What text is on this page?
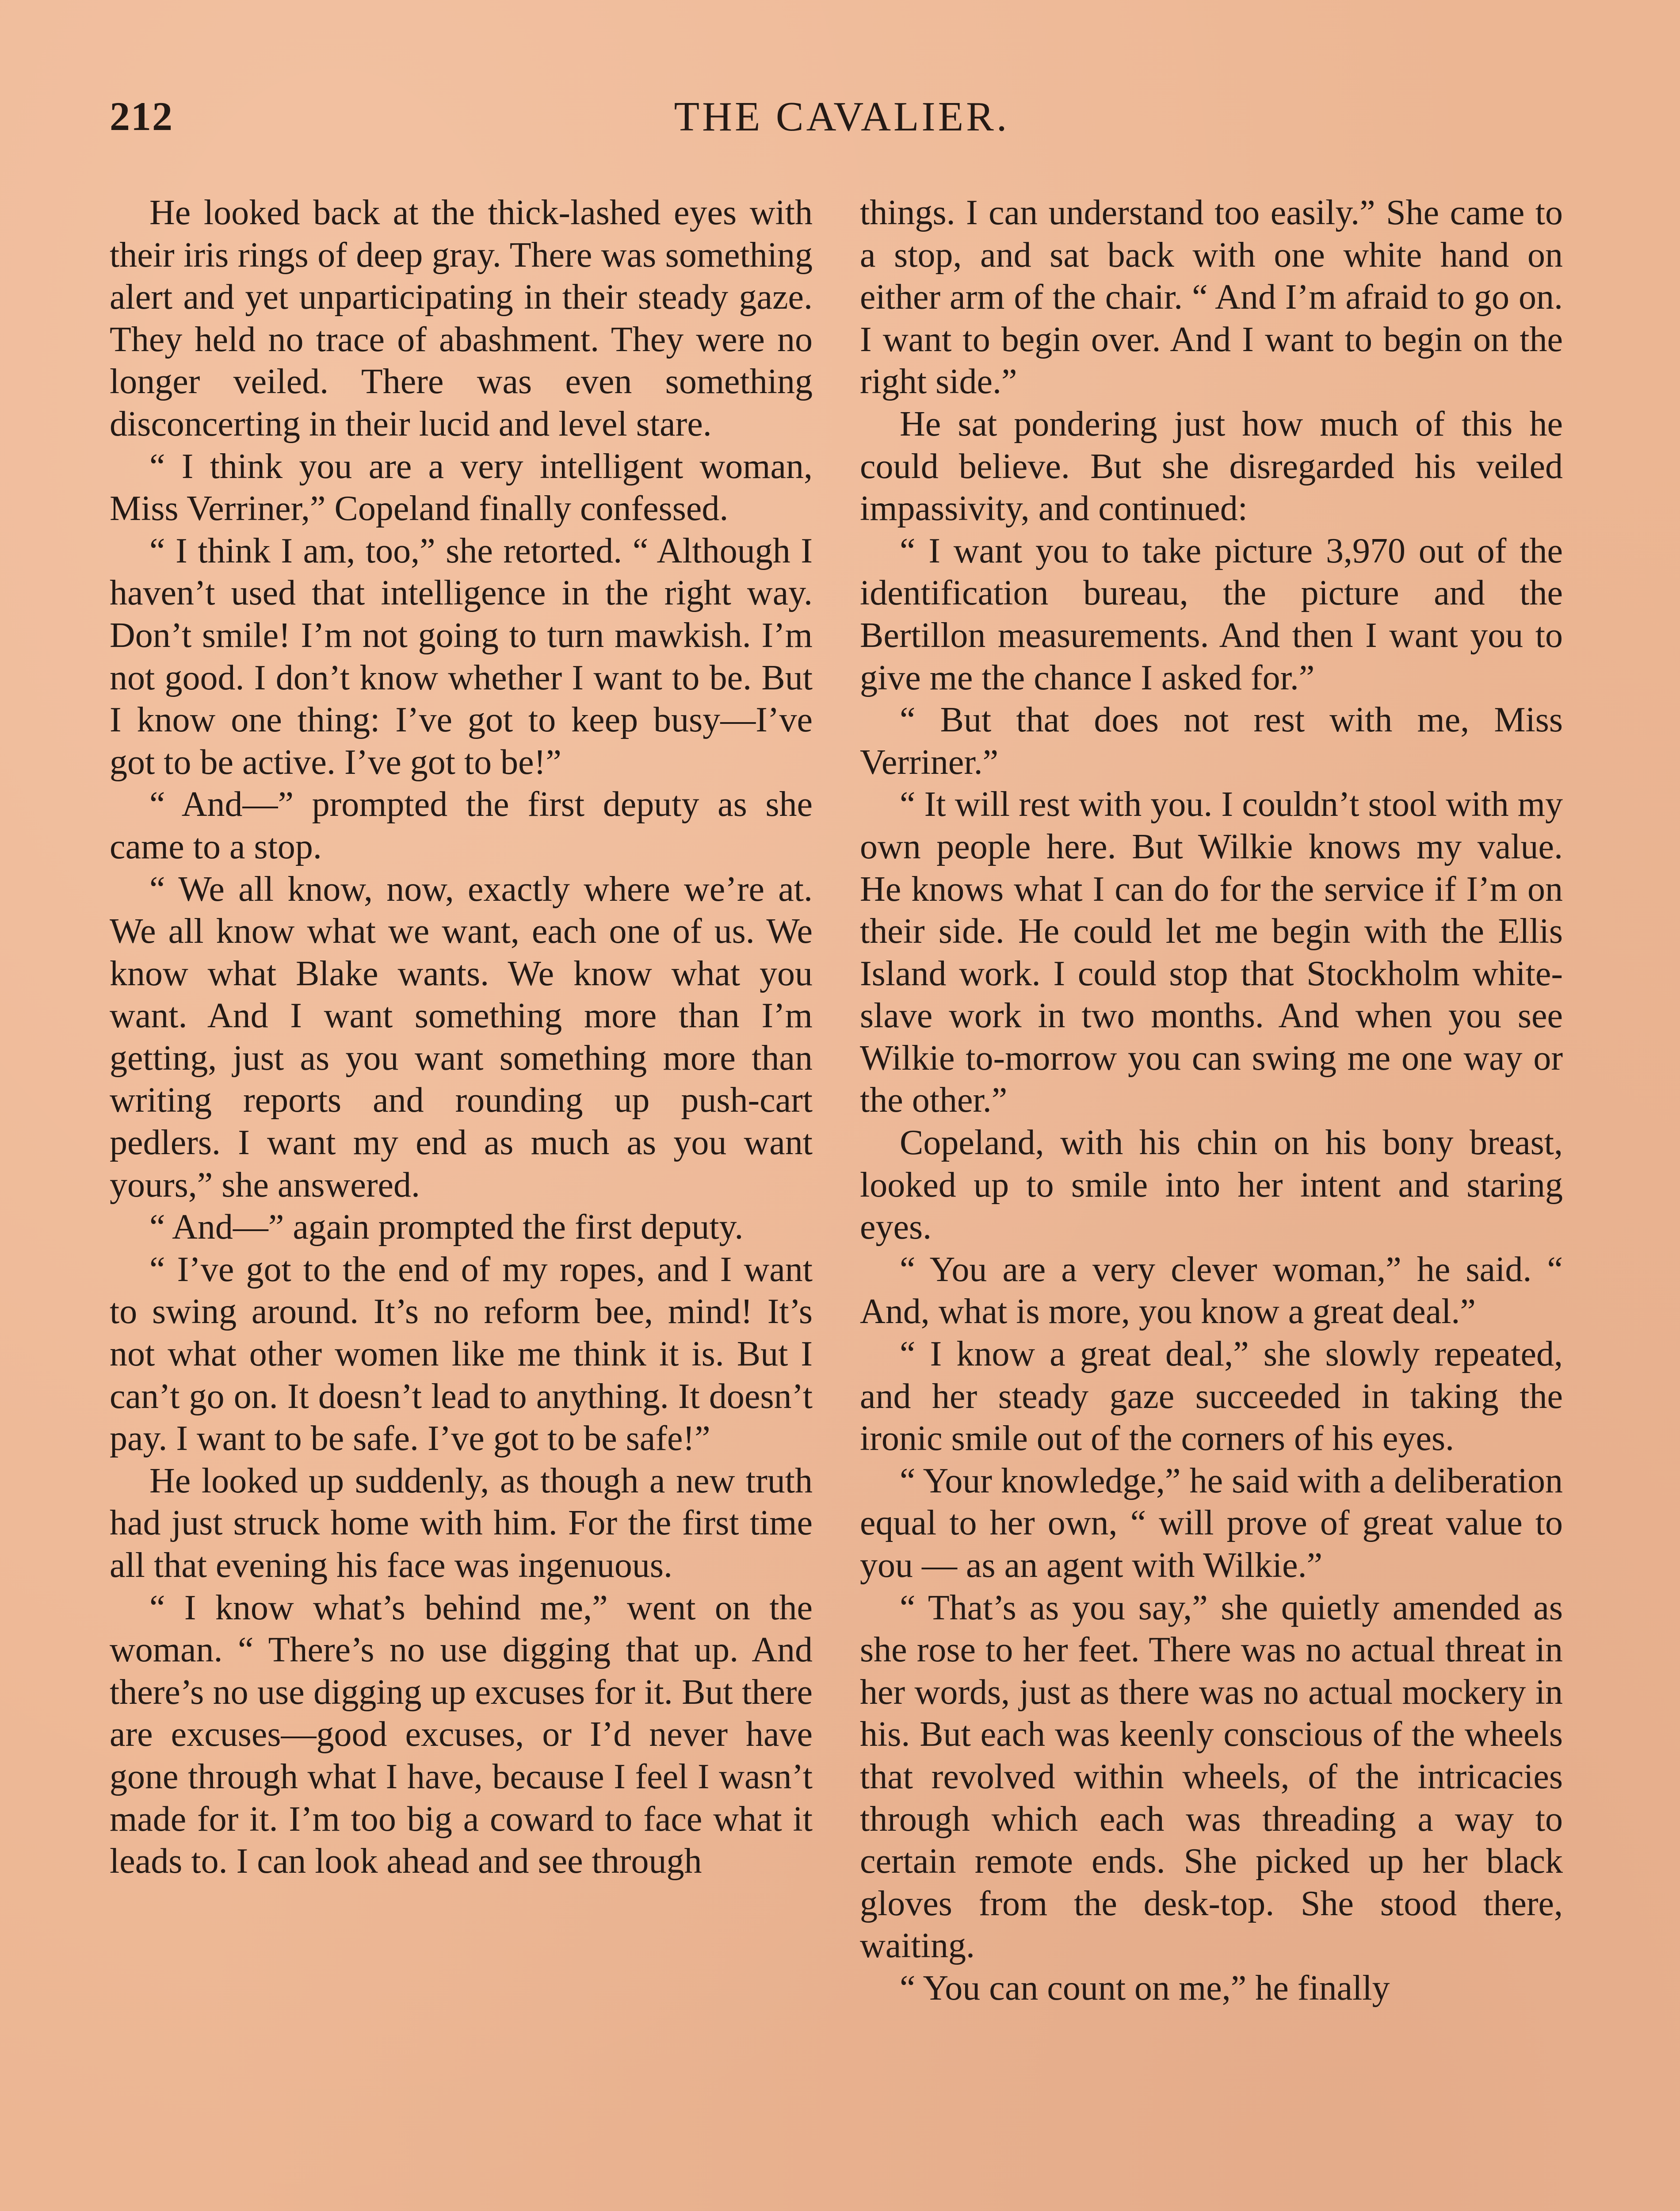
212	THE CAVALIER.

He looked back at the thick-lashed eyes with their iris rings of deep gray. There was something alert and yet unparticipating in their steady gaze. They held no trace of abashment. They were no longer veiled. There was even something disconcerting in their lucid and level stare.

“ I think you are a very intelligent woman, Miss Verriner,” Copeland finally confessed.

“ I think I am, too,” she retorted. “ Although I haven’t used that intelligence in the right way. Don’t smile! I’m not going to turn mawkish. I’m not good. I don’t know whether I want to be. But I know one thing: I’ve got to keep busy—I’ve got to be active. I’ve got to be!”

“ And—” prompted the first deputy as she came to a stop.

“ We all know, now, exactly where we’re at. We all know what we want, each one of us. We know what Blake wants. We know what you want. And I want something more than I’m getting, just as you want something more than writing reports and rounding up push-cart pedlers. I want my end as much as you want yours,” she answered.

“ And—” again prompted the first deputy.

“ I’ve got to the end of my ropes, and I want to swing around. It’s no reform bee, mind! It’s not what other women like me think it is. But I can’t go on. It doesn’t lead to anything. It doesn’t pay. I want to be safe. I’ve got to be safe!”

He looked up suddenly, as though a new truth had just struck home with him. For the first time all that evening his face was ingenuous.

“ I know what’s behind me,” went on the woman. “ There’s no use digging that up. And there’s no use digging up excuses for it. But there are excuses—good excuses, or I’d never have gone through what I have, because I feel I wasn’t made for it. I’m too big a coward to face what it leads to. I can look ahead and see through

things. I can understand too easily.” She came to a stop, and sat back with one white hand on either arm of the chair. “ And I’m afraid to go on. I want to begin over. And I want to begin on the right side.”

He sat pondering just how much of this he could believe. But she disregarded his veiled impassivity, and continued:

“ I want you to take picture 3,970 out of the identification bureau, the picture and the Bertillon measurements. And then I want you to give me the chance I asked for.”

“ But that does not rest with me, Miss Verriner.”

“ It will rest with you. I couldn’t stool with my own people here. But Wilkie knows my value. He knows what I can do for the service if I’m on their side. He could let me begin with the Ellis Island work. I could stop that Stockholm white-slave work in two months. And when you see Wilkie to-morrow you can swing me one way or the other.”

Copeland, with his chin on his bony breast, looked up to smile into her intent and staring eyes.

“ You are a very clever woman,” he said. “ And, what is more, you know a great deal.”

“ I know a great deal,” she slowly repeated, and her steady gaze succeeded in taking the ironic smile out of the corners of his eyes.

“ Your knowledge,” he said with a deliberation equal to her own, “ will prove of great value to you — as an agent with Wilkie.”

“ That’s as you say,” she quietly amended as she rose to her feet. There was no actual threat in her words, just as there was no actual mockery in his. But each was keenly conscious of the wheels that revolved within wheels, of the intricacies through which each was threading a way to certain remote ends. She picked up her black gloves from the desk-top. She stood there, waiting.

“ You can count on me,” he finally
